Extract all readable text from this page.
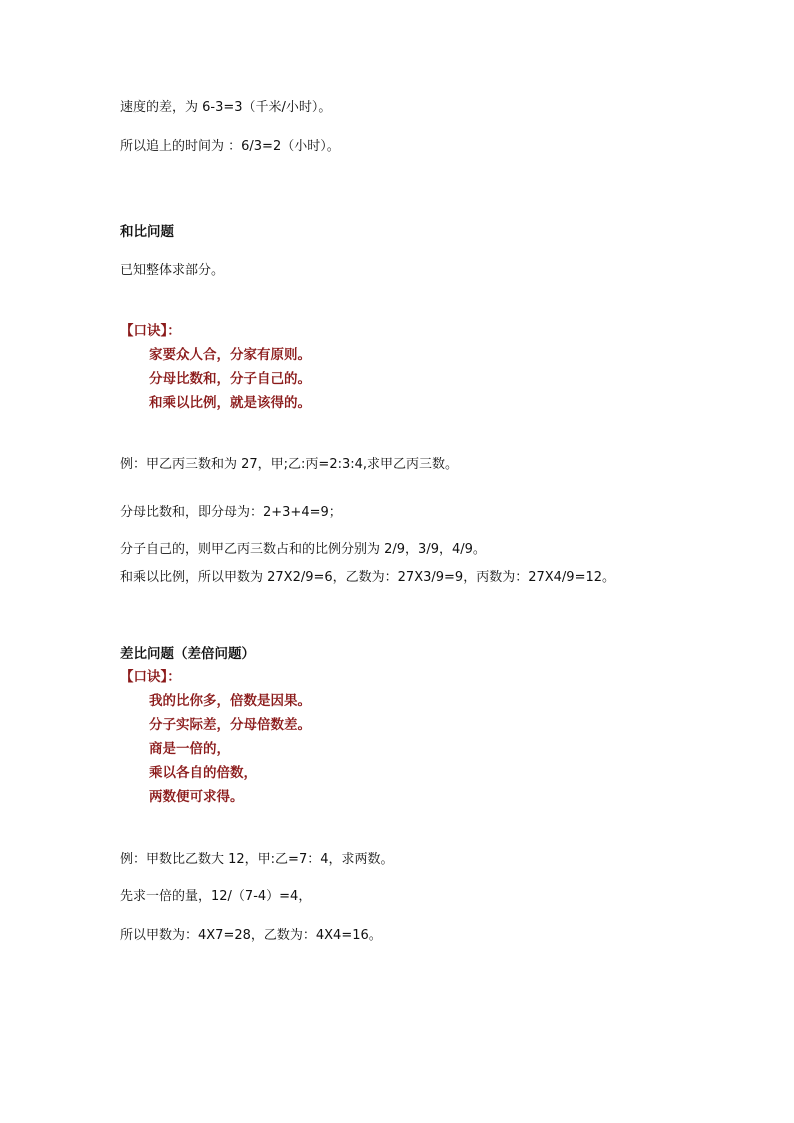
速度的差，为 6-3=3（千米/小时）。
所以追上的时间为 ：6/3=2（小时）。
和比问题
已知整体求部分。
【口诀】：
家要众人合，分家有原则。
分母比数和，分子自己的。
和乘以比例，就是该得的。
例：甲乙丙三数和为 27，甲;乙:丙=2:3:4,求甲乙丙三数。
分母比数和，即分母为：2+3+4=9；
分子自己的，则甲乙丙三数占和的比例分别为 2/9，3/9，4/9。
和乘以比例，所以甲数为 27X2/9=6，乙数为：27X3/9=9，丙数为：27X4/9=12。
差比问题（差倍问题）
【口诀】：
我的比你多，倍数是因果。
分子实际差，分母倍数差。
商是一倍的，
乘以各自的倍数，
两数便可求得。
例：甲数比乙数大 12，甲:乙=7：4，求两数。
先求一倍的量，12/（7-4）=4，
所以甲数为：4X7=28，乙数为：4X4=16。
